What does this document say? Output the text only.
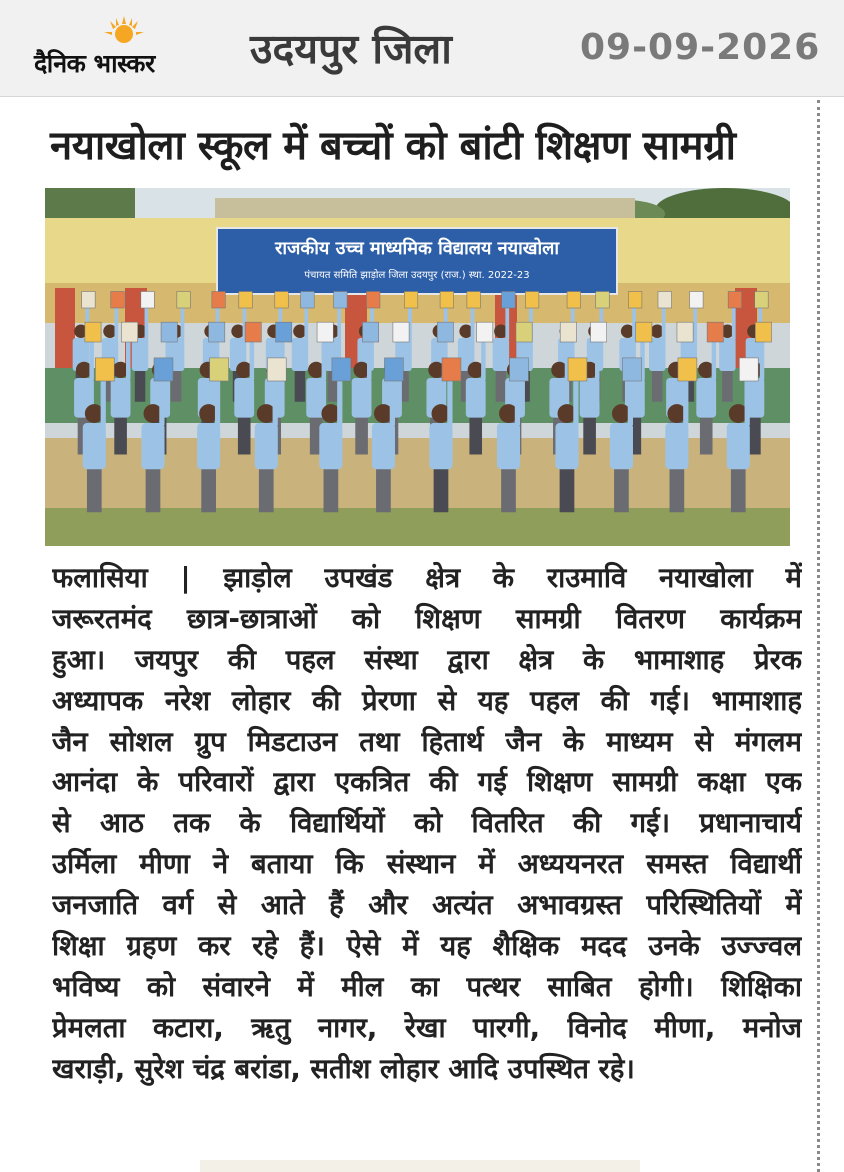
दैनिक भास्कर	उदयपुर जिला	09-09-2026
नयाखोला स्कूल में बच्चों को बांटी शिक्षण सामग्री
राजकीय उच्च माध्यमिक विद्यालय नयाखोला
पंचायत समिति झाड़ोल जिला उदयपुर (राज.) स्था. 2022-23
फलासिया | झाड़ोल उपखंड क्षेत्र के राउमावि नयाखोला में
जरूरतमंद छात्र-छात्राओं को शिक्षण सामग्री वितरण कार्यक्रम
हुआ। जयपुर की पहल संस्था द्वारा क्षेत्र के भामाशाह प्रेरक
अध्यापक नरेश लोहार की प्रेरणा से यह पहल की गई। भामाशाह
जैन सोशल ग्रुप मिडटाउन तथा हितार्थ जैन के माध्यम से मंगलम
आनंदा के परिवारों द्वारा एकत्रित की गई शिक्षण सामग्री कक्षा एक
से आठ तक के विद्यार्थियों को वितरित की गई। प्रधानाचार्य
उर्मिला मीणा ने बताया कि संस्थान में अध्ययनरत समस्त विद्यार्थी
जनजाति वर्ग से आते हैं और अत्यंत अभावग्रस्त परिस्थितियों में
शिक्षा ग्रहण कर रहे हैं। ऐसे में यह शैक्षिक मदद उनके उज्ज्वल
भविष्य को संवारने में मील का पत्थर साबित होगी। शिक्षिका
प्रेमलता कटारा, ऋतु नागर, रेखा पारगी, विनोद मीणा, मनोज
खराड़ी, सुरेश चंद्र बरांडा, सतीश लोहार आदि उपस्थित रहे।
